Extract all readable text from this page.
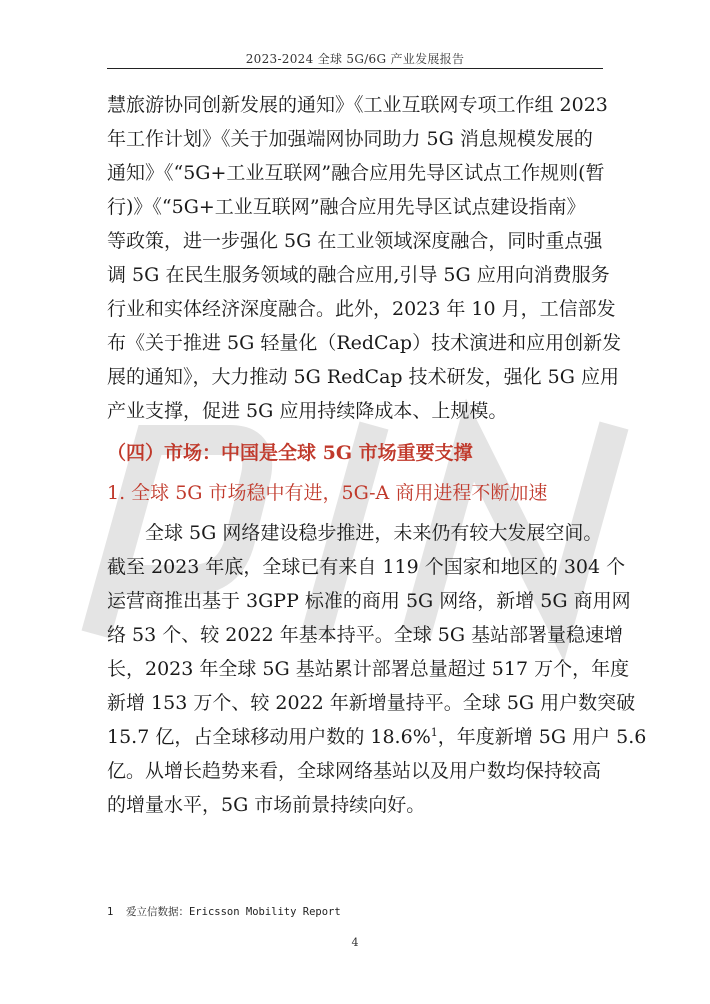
2023-2024 全球 5G/6G 产业发展报告
慧旅游协同创新发展的通知》《工业互联网专项工作组 2023
年工作计划》《关于加强端网协同助力 5G 消息规模发展的
通知》《“5G+工业互联网”融合应用先导区试点工作规则(暂
行)》《“5G+工业互联网”融合应用先导区试点建设指南》
等政策，进一步强化 5G 在工业领域深度融合，同时重点强
调 5G 在民生服务领域的融合应用,引导 5G 应用向消费服务
行业和实体经济深度融合。此外，2023 年 10 月，工信部发
布《关于推进 5G 轻量化（RedCap）技术演进和应用创新发
展的通知》，大力推动 5G RedCap 技术研发，强化 5G 应用
产业支撑，促进 5G 应用持续降成本、上规模。
（四）市场：中国是全球 5G 市场重要支撑
1. 全球 5G 市场稳中有进，5G-A 商用进程不断加速
全球 5G 网络建设稳步推进，未来仍有较大发展空间。
截至 2023 年底，全球已有来自 119 个国家和地区的 304 个
运营商推出基于 3GPP 标准的商用 5G 网络，新增 5G 商用网
络 53 个、较 2022 年基本持平。全球 5G 基站部署量稳速增
长，2023 年全球 5G 基站累计部署总量超过 517 万个，年度
新增 153 万个、较 2022 年新增量持平。全球 5G 用户数突破
15.7 亿，占全球移动用户数的 18.6%$^1$，年度新增 5G 用户 5.6
亿。从增长趋势来看，全球网络基站以及用户数均保持较高
的增量水平，5G 市场前景持续向好。
1 爱立信数据：Ericsson Mobility Report
4
